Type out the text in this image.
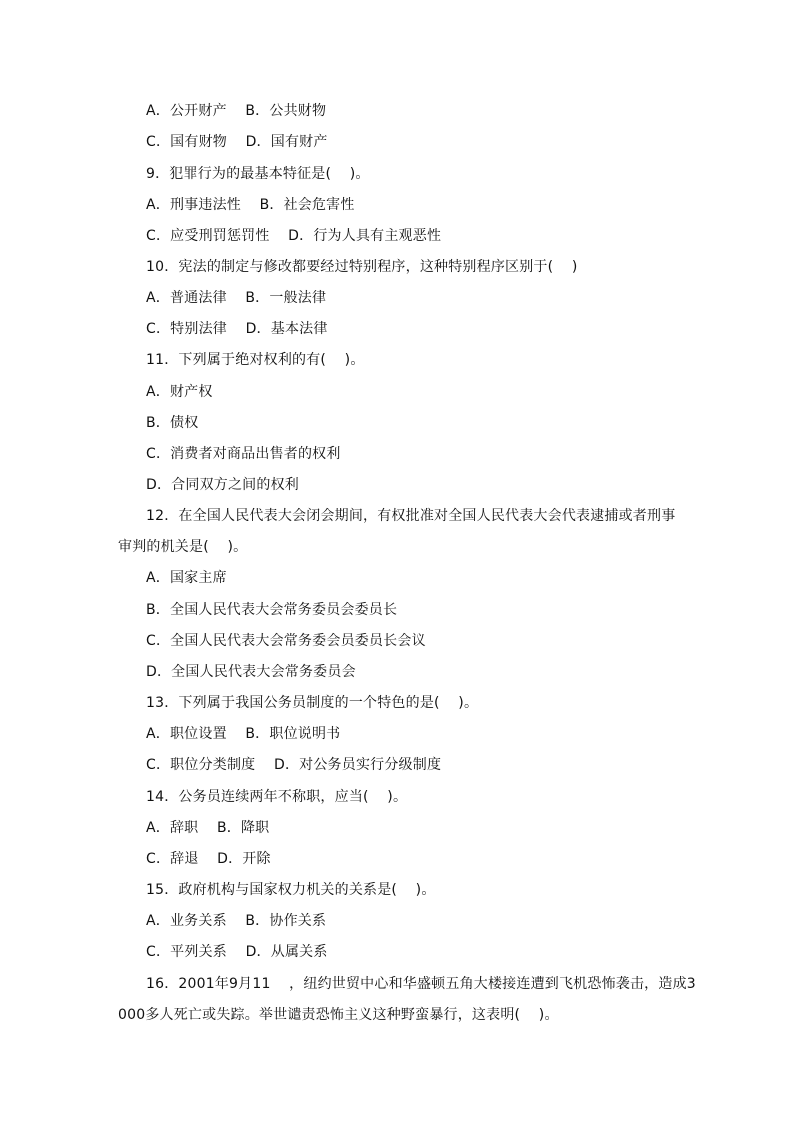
A．公开财产    B．公共财物
C．国有财物    D．国有财产
9．犯罪行为的最基本特征是(    )。
A．刑事违法性    B．社会危害性
C．应受刑罚惩罚性    D．行为人具有主观恶性
10．宪法的制定与修改都要经过特别程序，这种特别程序区别于(    )
A．普通法律    B．一般法律
C．特别法律    D．基本法律
11．下列属于绝对权利的有(    )。
A．财产权
B．债权
C．消费者对商品出售者的权利
D．合同双方之间的权利
12．在全国人民代表大会闭会期间，有权批准对全国人民代表大会代表逮捕或者刑事
审判的机关是(    )。
A．国家主席
B．全国人民代表大会常务委员会委员长
C．全国人民代表大会常务委会员委员长会议
D．全国人民代表大会常务委员会
13．下列属于我国公务员制度的一个特色的是(    )。
A．职位设置    B．职位说明书
C．职位分类制度    D．对公务员实行分级制度
14．公务员连续两年不称职，应当(    )。
A．辞职    B．降职
C．辞退    D．开除
15．政府机构与国家权力机关的关系是(    )。
A．业务关系    B．协作关系
C．平列关系    D．从属关系
16．2001年9月11    ，纽约世贸中心和华盛顿五角大楼接连遭到飞机恐怖袭击，造成3
000多人死亡或失踪。举世谴责恐怖主义这种野蛮暴行，这表明(    )。
